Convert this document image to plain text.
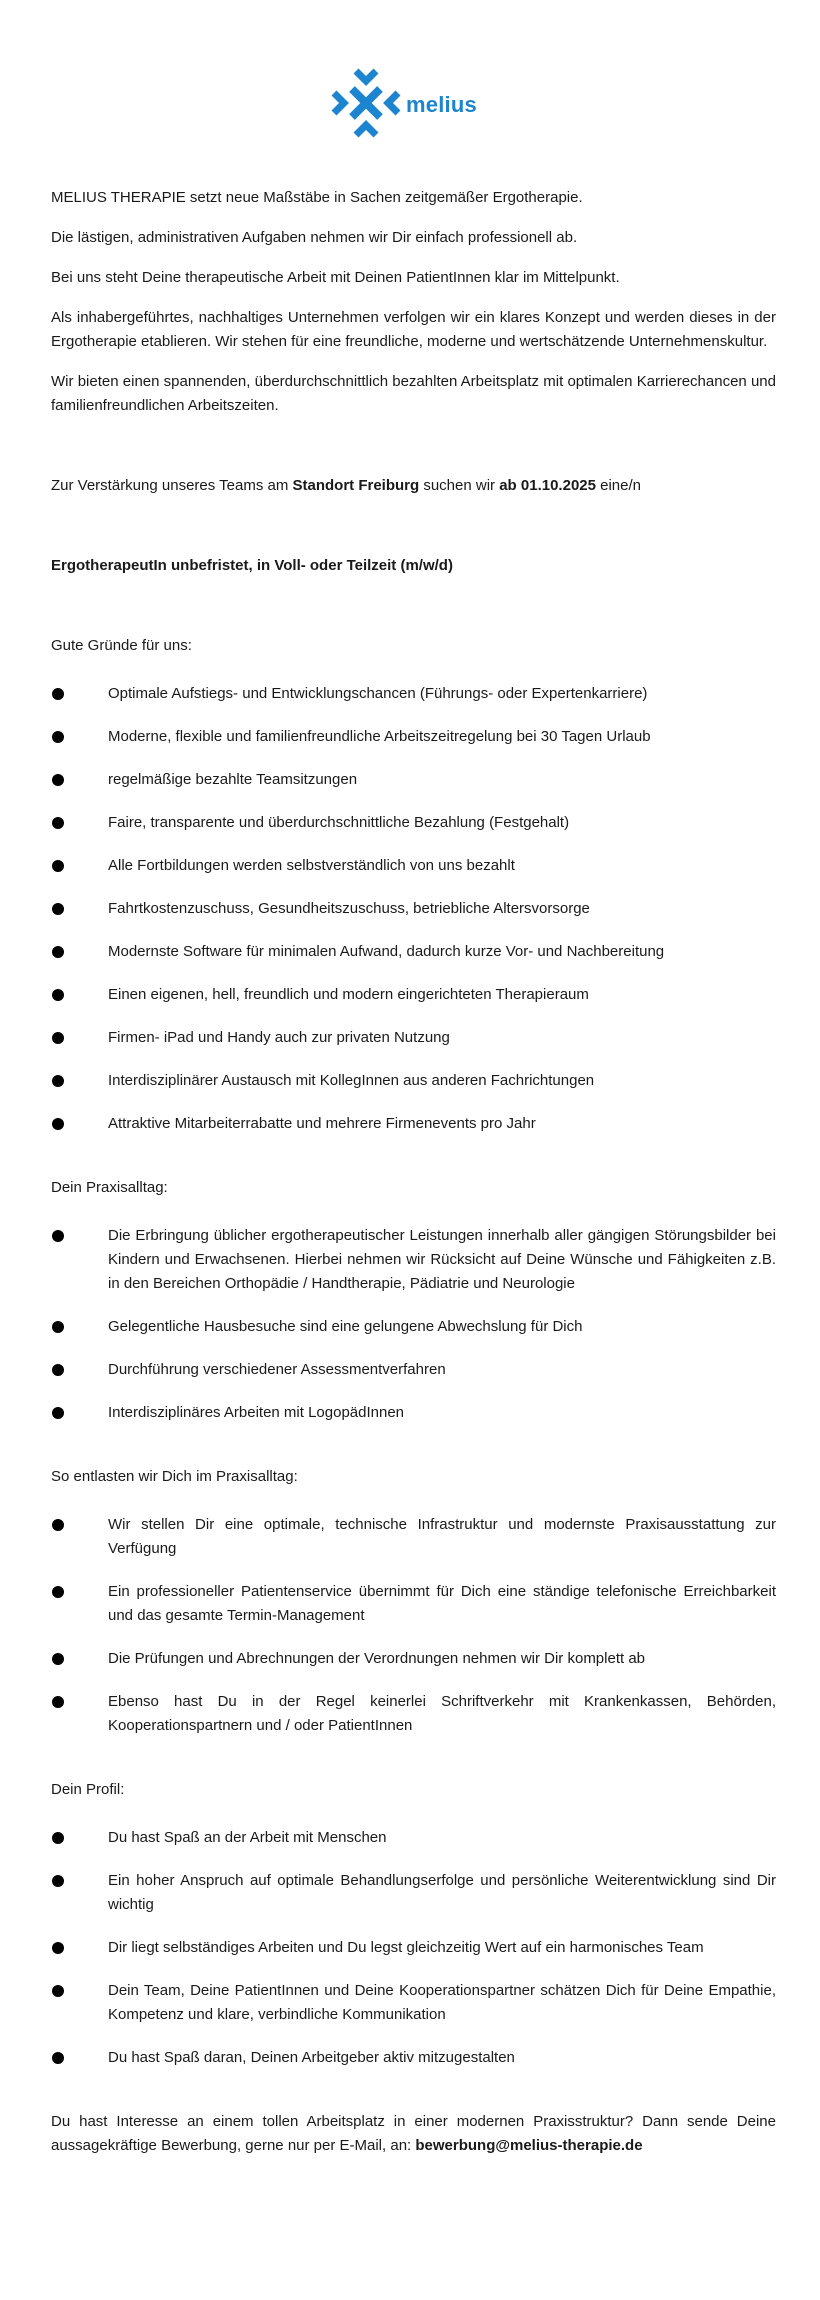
melius

MELIUS THERAPIE setzt neue Maßstäbe in Sachen zeitgemäßer Ergotherapie.

Die lästigen, administrativen Aufgaben nehmen wir Dir einfach professionell ab.

Bei uns steht Deine therapeutische Arbeit mit Deinen PatientInnen klar im Mittelpunkt.

Als inhabergeführtes, nachhaltiges Unternehmen verfolgen wir ein klares Konzept und werden dieses in der Ergotherapie etablieren. Wir stehen für eine freundliche, moderne und wertschätzende Unternehmenskultur.

Wir bieten einen spannenden, überdurchschnittlich bezahlten Arbeitsplatz mit optimalen Karrierechancen und familienfreundlichen Arbeitszeiten.

Zur Verstärkung unseres Teams am Standort Freiburg suchen wir ab 01.10.2025 eine/n

ErgotherapeutIn unbefristet, in Voll- oder Teilzeit (m/w/d)

Gute Gründe für uns:

Optimale Aufstiegs- und Entwicklungschancen (Führungs- oder Expertenkarriere)
Moderne, flexible und familienfreundliche Arbeitszeitregelung bei 30 Tagen Urlaub
regelmäßige bezahlte Teamsitzungen
Faire, transparente und überdurchschnittliche Bezahlung (Festgehalt)
Alle Fortbildungen werden selbstverständlich von uns bezahlt
Fahrtkostenzuschuss, Gesundheitszuschuss, betriebliche Altersvorsorge
Modernste Software für minimalen Aufwand, dadurch kurze Vor- und Nachbereitung
Einen eigenen, hell, freundlich und modern eingerichteten Therapieraum
Firmen- iPad und Handy auch zur privaten Nutzung
Interdisziplinärer Austausch mit KollegInnen aus anderen Fachrichtungen
Attraktive Mitarbeiterrabatte und mehrere Firmenevents pro Jahr

Dein Praxisalltag:

Die Erbringung üblicher ergotherapeutischer Leistungen innerhalb aller gängigen Störungsbilder bei Kindern und Erwachsenen. Hierbei nehmen wir Rücksicht auf Deine Wünsche und Fähigkeiten z.B. in den Bereichen Orthopädie / Handtherapie, Pädiatrie und Neurologie
Gelegentliche Hausbesuche sind eine gelungene Abwechslung für Dich
Durchführung verschiedener Assessmentverfahren
Interdisziplinäres Arbeiten mit LogopädInnen

So entlasten wir Dich im Praxisalltag:

Wir stellen Dir eine optimale, technische Infrastruktur und modernste Praxisausstattung zur Verfügung
Ein professioneller Patientenservice übernimmt für Dich eine ständige telefonische Erreichbarkeit und das gesamte Termin-Management
Die Prüfungen und Abrechnungen der Verordnungen nehmen wir Dir komplett ab
Ebenso hast Du in der Regel keinerlei Schriftverkehr mit Krankenkassen, Behörden, Kooperationspartnern und / oder PatientInnen

Dein Profil:

Du hast Spaß an der Arbeit mit Menschen
Ein hoher Anspruch auf optimale Behandlungserfolge und persönliche Weiterentwicklung sind Dir wichtig
Dir liegt selbständiges Arbeiten und Du legst gleichzeitig Wert auf ein harmonisches Team
Dein Team, Deine PatientInnen und Deine Kooperationspartner schätzen Dich für Deine Empathie, Kompetenz und klare, verbindliche Kommunikation
Du hast Spaß daran, Deinen Arbeitgeber aktiv mitzugestalten

Du hast Interesse an einem tollen Arbeitsplatz in einer modernen Praxisstruktur? Dann sende Deine aussagekräftige Bewerbung, gerne nur per E-Mail, an: bewerbung@melius-therapie.de
